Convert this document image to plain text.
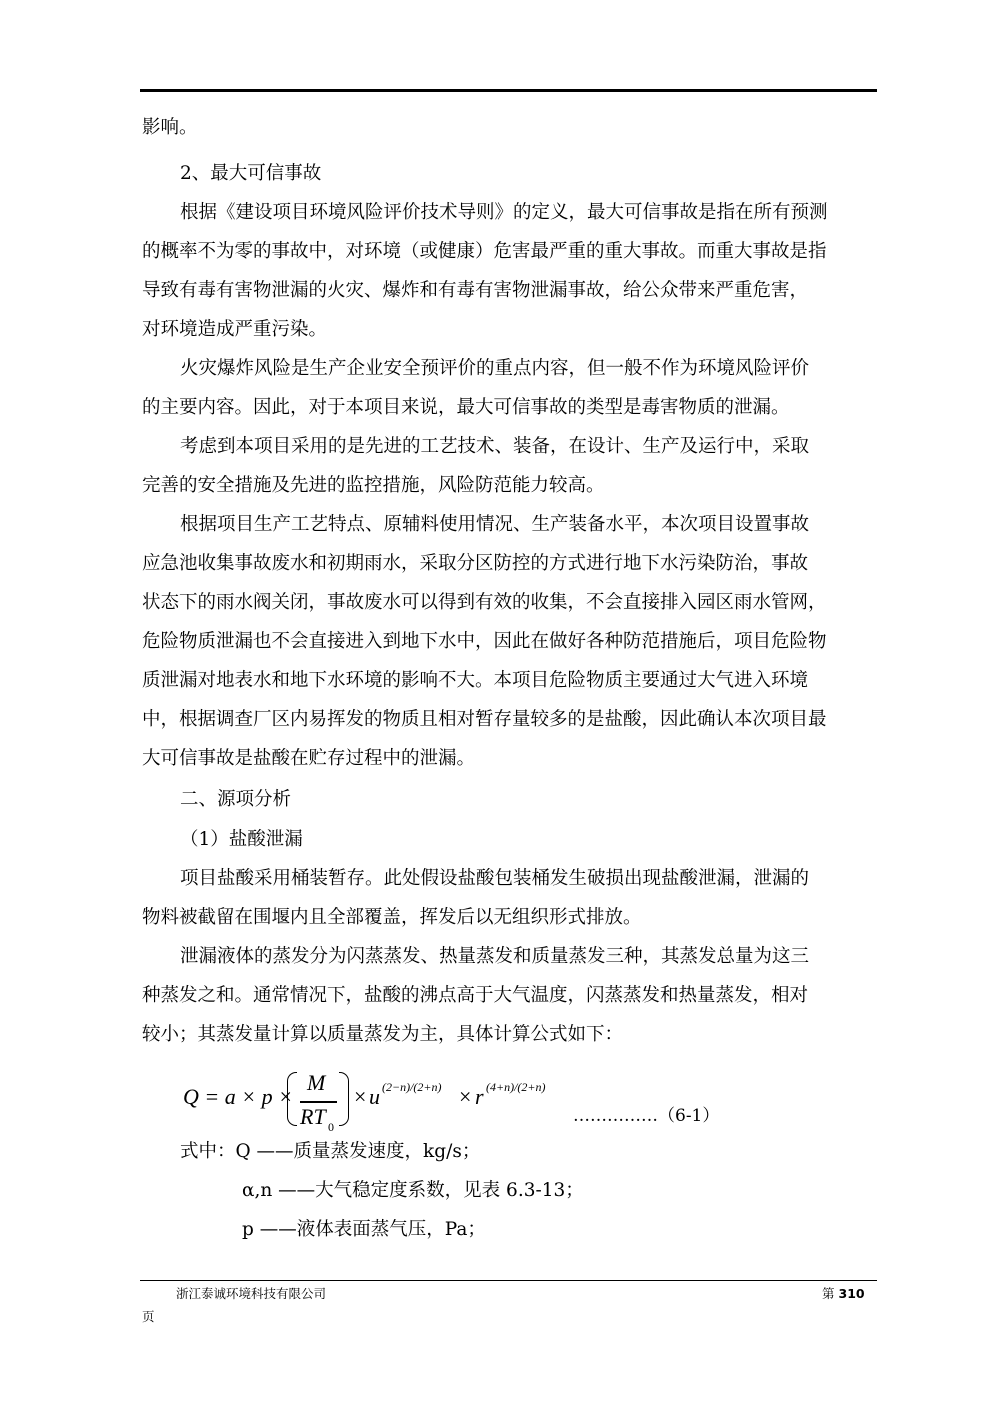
影响。
2、最大可信事故
根据《建设项目环境风险评价技术导则》的定义，最大可信事故是指在所有预测
的概率不为零的事故中，对环境（或健康）危害最严重的重大事故。而重大事故是指
导致有毒有害物泄漏的火灾、爆炸和有毒有害物泄漏事故，给公众带来严重危害，
对环境造成严重污染。
火灾爆炸风险是生产企业安全预评价的重点内容，但一般不作为环境风险评价
的主要内容。因此，对于本项目来说，最大可信事故的类型是毒害物质的泄漏。
考虑到本项目采用的是先进的工艺技术、装备，在设计、生产及运行中，采取
完善的安全措施及先进的监控措施，风险防范能力较高。
根据项目生产工艺特点、原辅料使用情况、生产装备水平，本次项目设置事故
应急池收集事故废水和初期雨水，采取分区防控的方式进行地下水污染防治，事故
状态下的雨水阀关闭，事故废水可以得到有效的收集，不会直接排入园区雨水管网，
危险物质泄漏也不会直接进入到地下水中，因此在做好各种防范措施后，项目危险物
质泄漏对地表水和地下水环境的影响不大。本项目危险物质主要通过大气进入环境
中，根据调查厂区内易挥发的物质且相对暂存量较多的是盐酸，因此确认本次项目最
大可信事故是盐酸在贮存过程中的泄漏。
二、源项分析
（1）盐酸泄漏
项目盐酸采用桶装暂存。此处假设盐酸包装桶发生破损出现盐酸泄漏，泄漏的
物料被截留在围堰内且全部覆盖，挥发后以无组织形式排放。
泄漏液体的蒸发分为闪蒸蒸发、热量蒸发和质量蒸发三种，其蒸发总量为这三
种蒸发之和。通常情况下，盐酸的沸点高于大气温度，闪蒸蒸发和热量蒸发，相对
较小；其蒸发量计算以质量蒸发为主，具体计算公式如下：
Q = a × p ×
M
RT 0
× u (2−n)/(2+n) × r (4+n)/(2+n)
……………（6-1）
式中：Q ——质量蒸发速度，kg/s；
α,n ——大气稳定度系数，见表 6.3-13；
p ——液体表面蒸气压，Pa；
浙江泰诚环境科技有限公司	第 310
页
